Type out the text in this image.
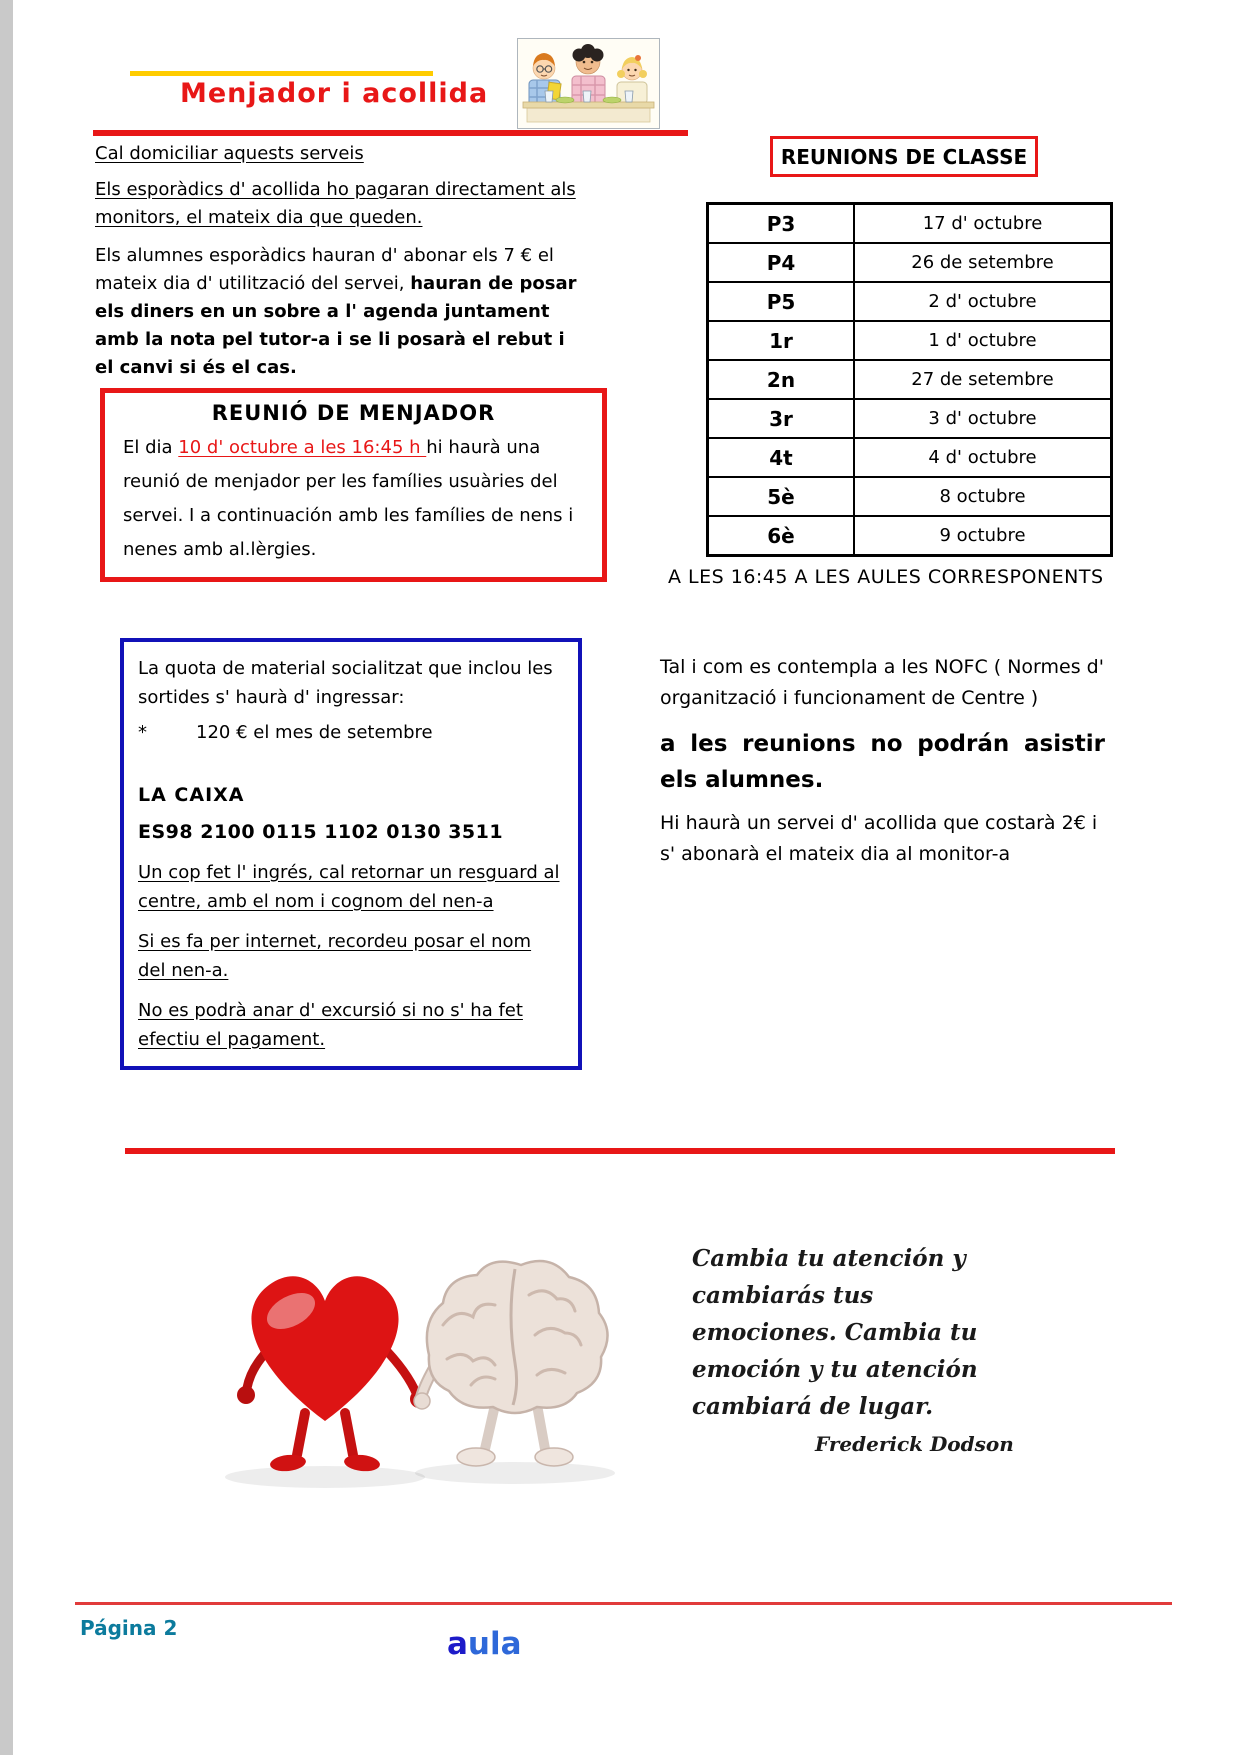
Menjador i acollida
Cal domiciliar aquests serveis
Els esporàdics d' acollida ho pagaran directament als monitors, el mateix dia que queden.
Els alumnes esporàdics hauran d' abonar els 7 € el mateix dia d' utilització del servei, hauran de posar els diners en un sobre a l' agenda juntament amb la nota pel tutor-a i se li posarà el rebut i el canvi si és el cas.
REUNIÓ DE MENJADOR
El dia 10 d' octubre a les 16:45 h hi haurà una reunió de menjador per les famílies usuàries del servei. I a continuación amb les famílies de nens i nenes amb al.lèrgies.
REUNIONS DE CLASSE
P3	17 d' octubre
P4	26 de setembre
P5	2 d' octubre
1r	1 d' octubre
2n	27 de setembre
3r	3 d' octubre
4t	4 d' octubre
5è	8 octubre
6è	9 octubre
A LES 16:45 A LES AULES CORRESPONENTS
La quota de material socialitzat que inclou les sortides s' haurà d' ingressar:
*	120 € el mes de setembre
LA CAIXA
ES98 2100 0115 1102 0130 3511
Un cop fet l' ingrés, cal retornar un resguard al centre, amb el nom i cognom del nen-a
Si es fa per internet, recordeu posar el nom del nen-a.
No es podrà anar d' excursió si no s' ha fet efectiu el pagament.
Tal i com es contempla a les NOFC ( Normes d' organització i funcionament de Centre )
a les reunions no podrán asistir els alumnes.
Hi haurà un servei d' acollida que costarà 2€ i s' abonarà el mateix dia al monitor-a
Cambia tu atención y cambiarás tus emociones. Cambia tu emoción y tu atención cambiará de lugar.
Frederick Dodson
Página 2	aula
